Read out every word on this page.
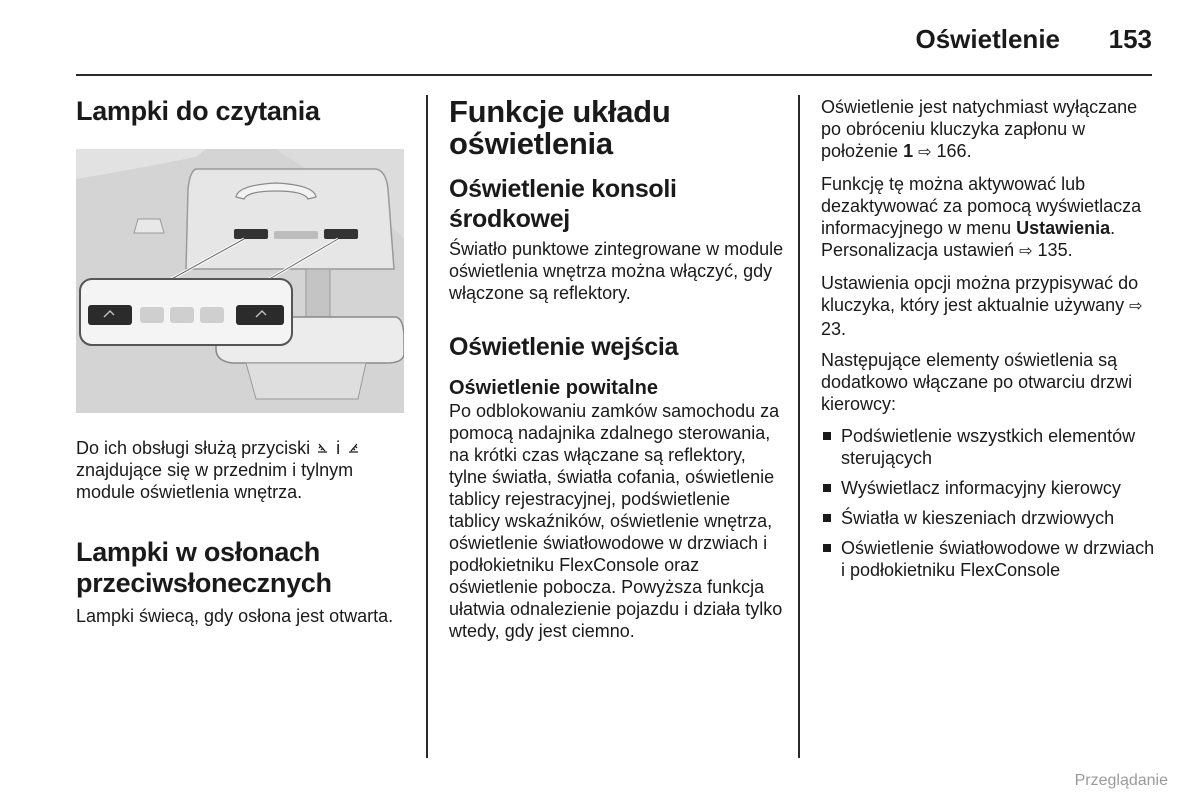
Oświetlenie 153
Lampki do czytania

Do ich obsługi służą przyciski i  znajdujące się w przednim i tylnym module oświetlenia wnętrza.

Lampki w osłonach przeciwsłonecznych

Lampki świecą, gdy osłona jest otwarta.

Funkcje układu oświetlenia
Oświetlenie konsoli środkowej

Światło punktowe zintegrowane w module oświetlenia wnętrza można włączyć, gdy włączone są reflektory.

Oświetlenie wejścia
Oświetlenie powitalne

Po odblokowaniu zamków samochodu za pomocą nadajnika zdalnego sterowania, na krótki czas włączane są reflektory, tylne światła, światła cofania, oświetlenie tablicy rejestracyjnej, podświetlenie tablicy wskaźników, oświetlenie wnętrza, oświetlenie światłowodowe w drzwiach i podłokietniku FlexConsole oraz oświetlenie pobocza. Powyższa funkcja ułatwia odnalezienie pojazdu i działa tylko wtedy, gdy jest ciemno.

Oświetlenie jest natychmiast wyłączane po obróceniu kluczyka zapłonu w położenie 1 ⇨ 166.

Funkcję tę można aktywować lub dezaktywować za pomocą wyświetlacza informacyjnego w menu Ustawienia. Personalizacja ustawień ⇨ 135.

Ustawienia opcji można przypisywać do kluczyka, który jest aktualnie używany ⇨ 23.

Następujące elementy oświetlenia są dodatkowo włączane po otwarciu drzwi kierowcy:

Podświetlenie wszystkich elementów sterujących
Wyświetlacz informacyjny kierowcy
Światła w kieszeniach drzwiowych
Oświetlenie światłowodowe w drzwiach i podłokietniku FlexConsole
Przeglądanie
